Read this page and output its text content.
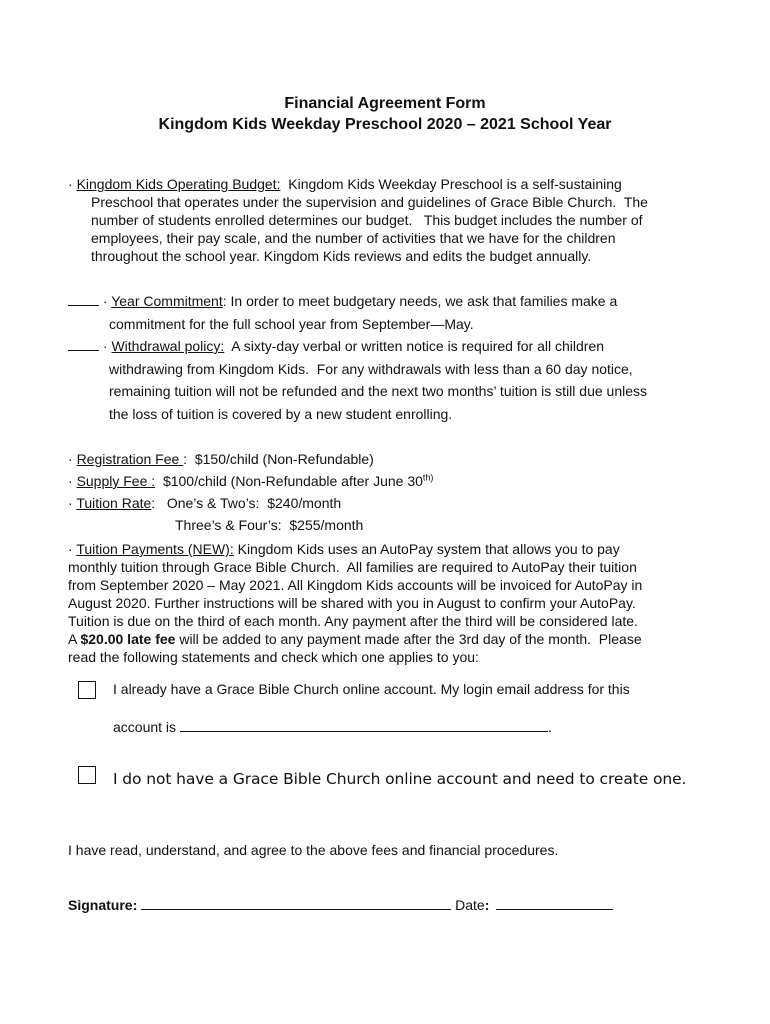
Financial Agreement Form
Kingdom Kids Weekday Preschool 2020 – 2021 School Year
· Kingdom Kids Operating Budget:  Kingdom Kids Weekday Preschool is a self-sustaining
Preschool that operates under the supervision and guidelines of Grace Bible Church.  The
number of students enrolled determines our budget.   This budget includes the number of
employees, their pay scale, and the number of activities that we have for the children
throughout the school year. Kingdom Kids reviews and edits the budget annually.
· Year Commitment: In order to meet budgetary needs, we ask that families make a
commitment for the full school year from September—May.
· Withdrawal policy:  A sixty-day verbal or written notice is required for all children
withdrawing from Kingdom Kids.  For any withdrawals with less than a 60 day notice,
remaining tuition will not be refunded and the next two months’ tuition is still due unless
the loss of tuition is covered by a new student enrolling.
· Registration Fee :  $150/child (Non-Refundable)
· Supply Fee :  $100/child (Non-Refundable after June $30^{th)}$
· Tuition Rate:   One’s & Two’s:  $240/month
Three’s & Four’s:  $255/month
· Tuition Payments (NEW): Kingdom Kids uses an AutoPay system that allows you to pay
monthly tuition through Grace Bible Church.  All families are required to AutoPay their tuition
from September 2020 – May 2021. All Kingdom Kids accounts will be invoiced for AutoPay in
August 2020. Further instructions will be shared with you in August to confirm your AutoPay.
Tuition is due on the third of each month. Any payment after the third will be considered late.
A $20.00 late fee will be added to any payment made after the 3rd day of the month.  Please
read the following statements and check which one applies to you:
I already have a Grace Bible Church online account. My login email address for this
account is	.
I do not have a Grace Bible Church online account and need to create one.
I have read, understand, and agree to the above fees and financial procedures.
Signature:	Date:
